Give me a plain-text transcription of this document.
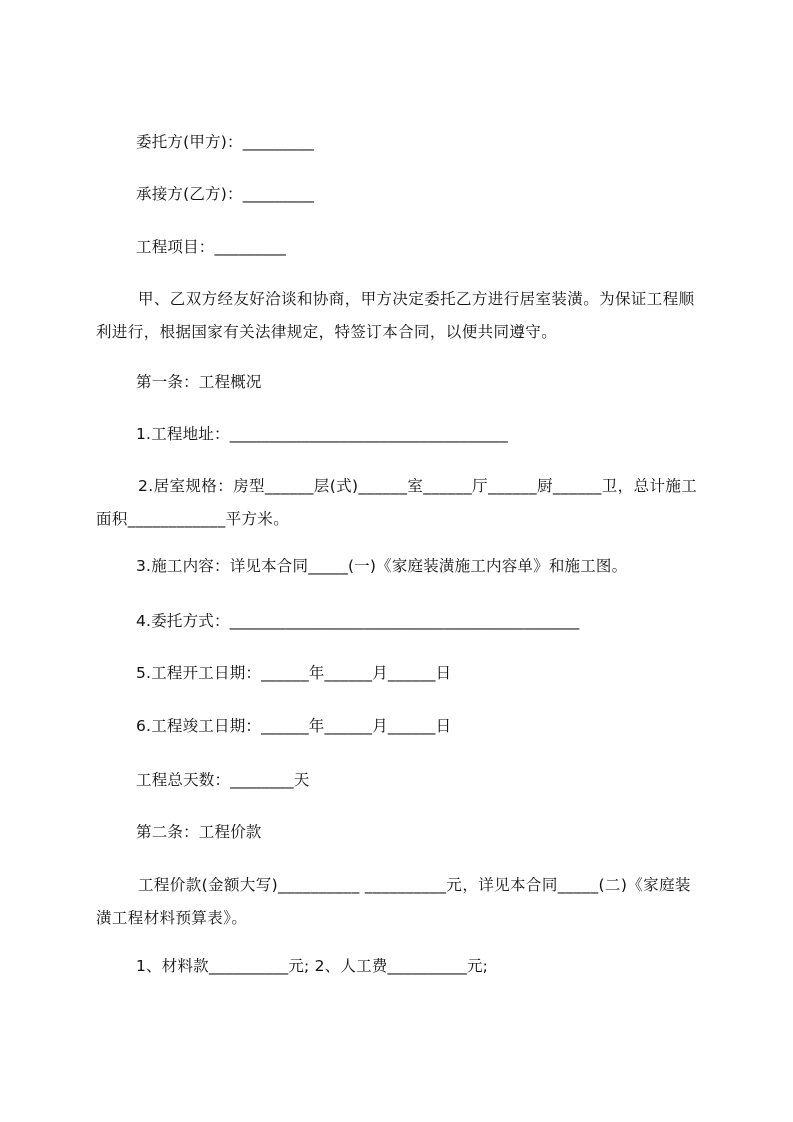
委托方(甲方)：_________
承接方(乙方)：_________
工程项目：_________
甲、乙双方经友好洽谈和协商，甲方决定委托乙方进行居室装潢。为保证工程顺利进行，根据国家有关法律规定，特签订本合同，以便共同遵守。
第一条：工程概况
1.工程地址：___________________________________
2.居室规格：房型______层(式)______室______厅______厨______卫，总计施工面积____________平方米。
3.施工内容：详见本合同_____(一)《家庭装潢施工内容单》和施工图。
4.委托方式：____________________________________________
5.工程开工日期：______年______月______日
6.工程竣工日期：______年______月______日
工程总天数：________天
第二条：工程价款
工程价款(金额大写)__________ __________元，详见本合同_____(二)《家庭装潢工程材料预算表》。
1、材料款__________元; 2、人工费__________元;
